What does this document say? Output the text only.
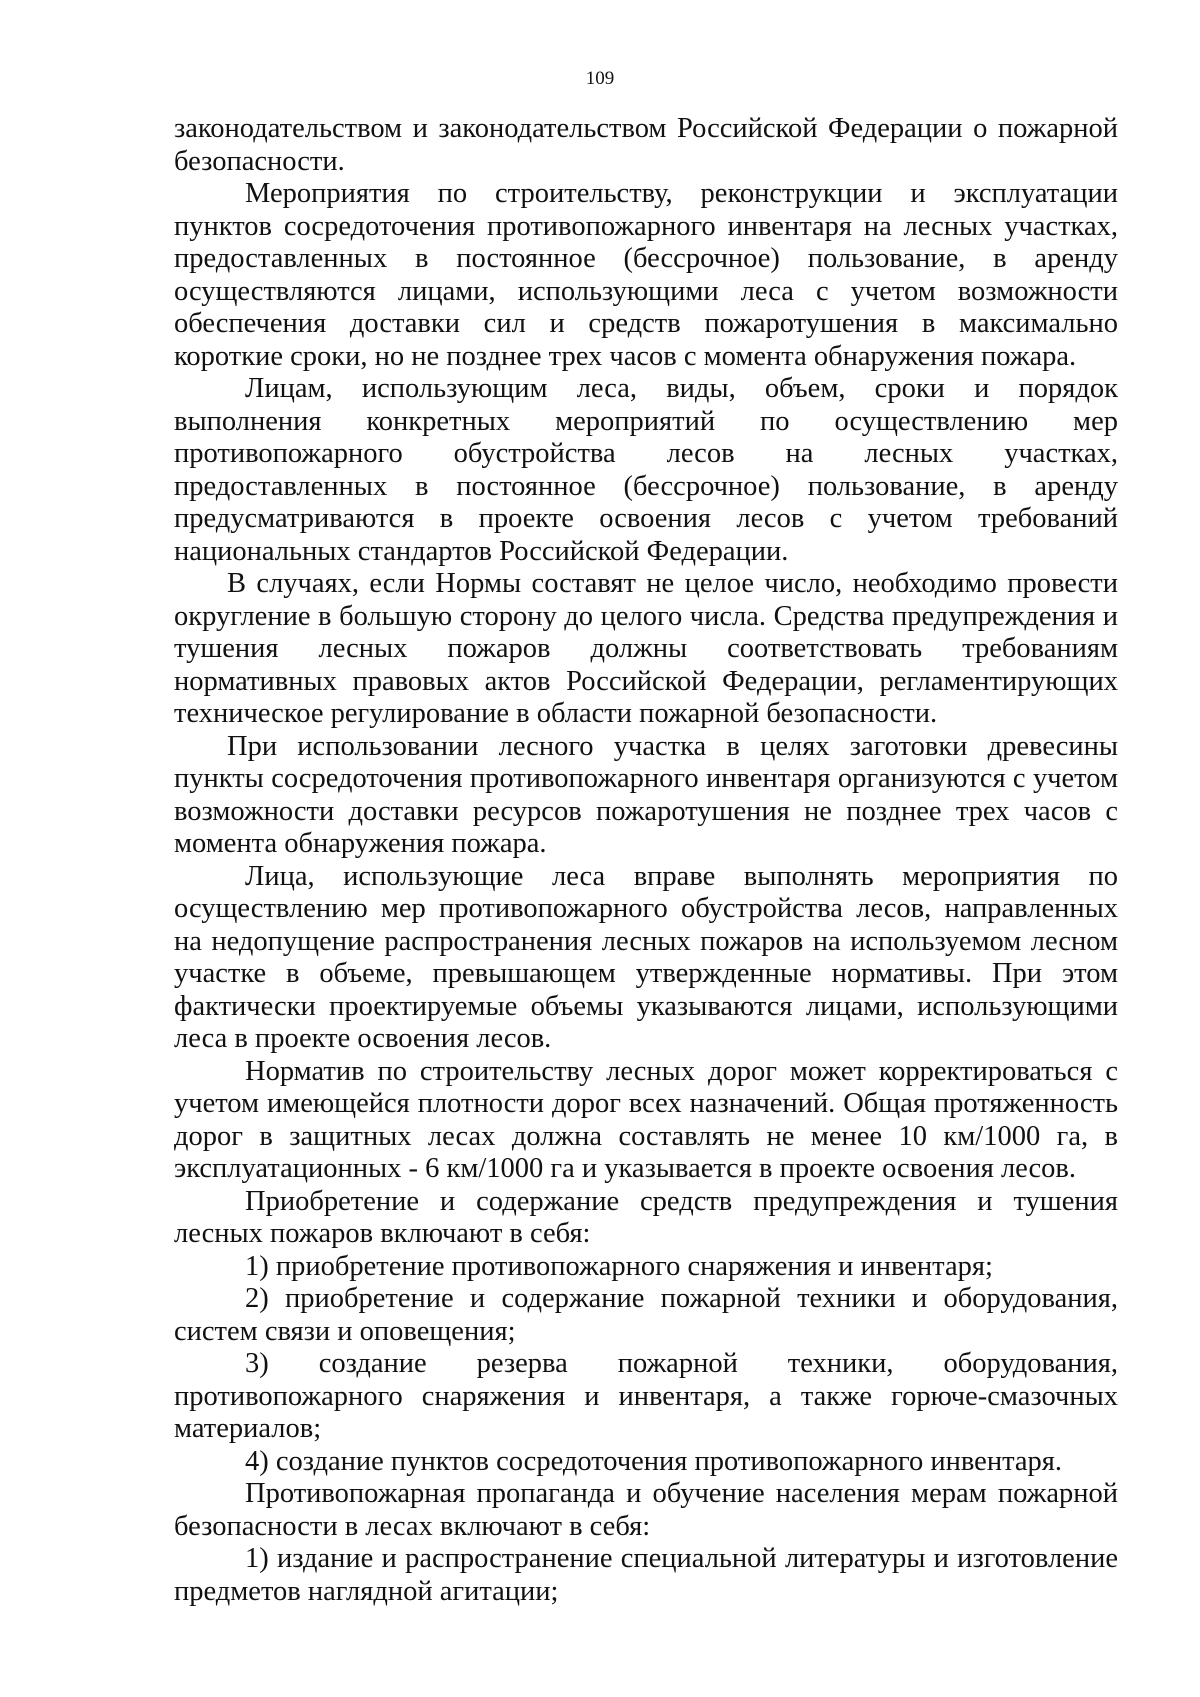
109

законодательством и законодательством Российской Федерации о пожарной безопасности.

Мероприятия по строительству, реконструкции и эксплуатации пунктов сосредоточения противопожарного инвентаря на лесных участках, предоставленных в постоянное (бессрочное) пользование, в аренду осуществляются лицами, использующими леса с учетом возможности обеспечения доставки сил и средств пожаротушения в максимально короткие сроки, но не позднее трех часов с момента обнаружения пожара.

Лицам, использующим леса, виды, объем, сроки и порядок выполнения конкретных мероприятий по осуществлению мер противопожарного обустройства лесов на лесных участках, предоставленных в постоянное (бессрочное) пользование, в аренду предусматриваются в проекте освоения лесов с учетом требований национальных стандартов Российской Федерации.

В случаях, если Нормы составят не целое число, необходимо провести округление в большую сторону до целого числа. Средства предупреждения и тушения лесных пожаров должны соответствовать требованиям нормативных правовых актов Российской Федерации, регламентирующих техническое регулирование в области пожарной безопасности.

При использовании лесного участка в целях заготовки древесины пункты сосредоточения противопожарного инвентаря организуются с учетом возможности доставки ресурсов пожаротушения не позднее трех часов с момента обнаружения пожара.

Лица, использующие леса вправе выполнять мероприятия по осуществлению мер противопожарного обустройства лесов, направленных на недопущение распространения лесных пожаров на используемом лесном участке в объеме, превышающем утвержденные нормативы. При этом фактически проектируемые объемы указываются лицами, использующими леса в проекте освоения лесов.

Норматив по строительству лесных дорог может корректироваться с учетом имеющейся плотности дорог всех назначений. Общая протяженность дорог в защитных лесах должна составлять не менее 10 км/1000 га, в эксплуатационных - 6 км/1000 га и указывается в проекте освоения лесов.

Приобретение и содержание средств предупреждения и тушения лесных пожаров включают в себя:

1) приобретение противопожарного снаряжения и инвентаря;

2) приобретение и содержание пожарной техники и оборудования, систем связи и оповещения;

3) создание резерва пожарной техники, оборудования, противопожарного снаряжения и инвентаря, а также горюче-смазочных материалов;

4) создание пунктов сосредоточения противопожарного инвентаря.

Противопожарная пропаганда и обучение населения мерам пожарной безопасности в лесах включают в себя:

1) издание и распространение специальной литературы и изготовление предметов наглядной агитации;
